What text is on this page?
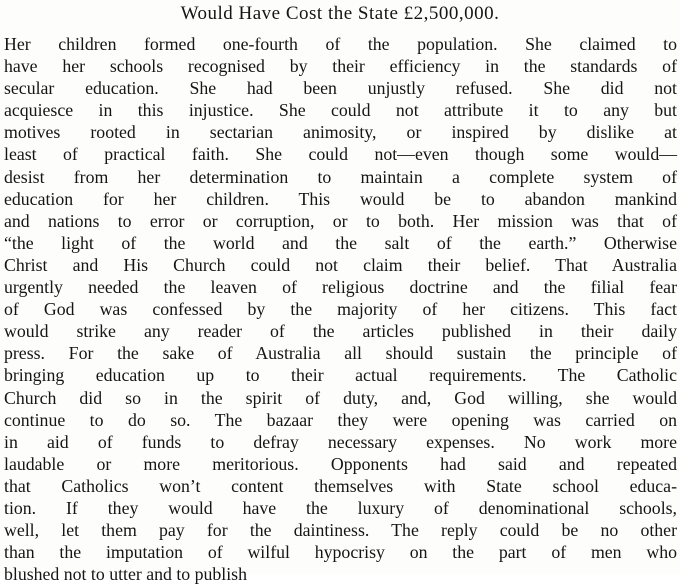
Would Have Cost the State £2,500,000.
Her children formed one-fourth of the population. She claimed to
have her schools recognised by their efficiency in the standards of
secular education. She had been unjustly refused. She did not
acquiesce in this injustice. She could not attribute it to any but
motives rooted in sectarian animosity, or inspired by dislike at
least of practical faith. She could not—even though some would—
desist from her determination to maintain a complete system of
education for her children. This would be to abandon mankind
and nations to error or corruption, or to both. Her mission was that of
“the light of the world and the salt of the earth.” Otherwise
Christ and His Church could not claim their belief. That Australia
urgently needed the leaven of religious doctrine and the filial fear
of God was confessed by the majority of her citizens. This fact
would strike any reader of the articles published in their daily
press. For the sake of Australia all should sustain the principle of
bringing education up to their actual requirements. The Catholic
Church did so in the spirit of duty, and, God willing, she would
continue to do so. The bazaar they were opening was carried on
in aid of funds to defray necessary expenses. No work more
laudable or more meritorious. Opponents had said and repeated
that Catholics won’t content themselves with State school educa-
tion. If they would have the luxury of denominational schools,
well, let them pay for the daintiness. The reply could be no other
than the imputation of wilful hypocrisy on the part of men who
blushed not to utter and to publish
